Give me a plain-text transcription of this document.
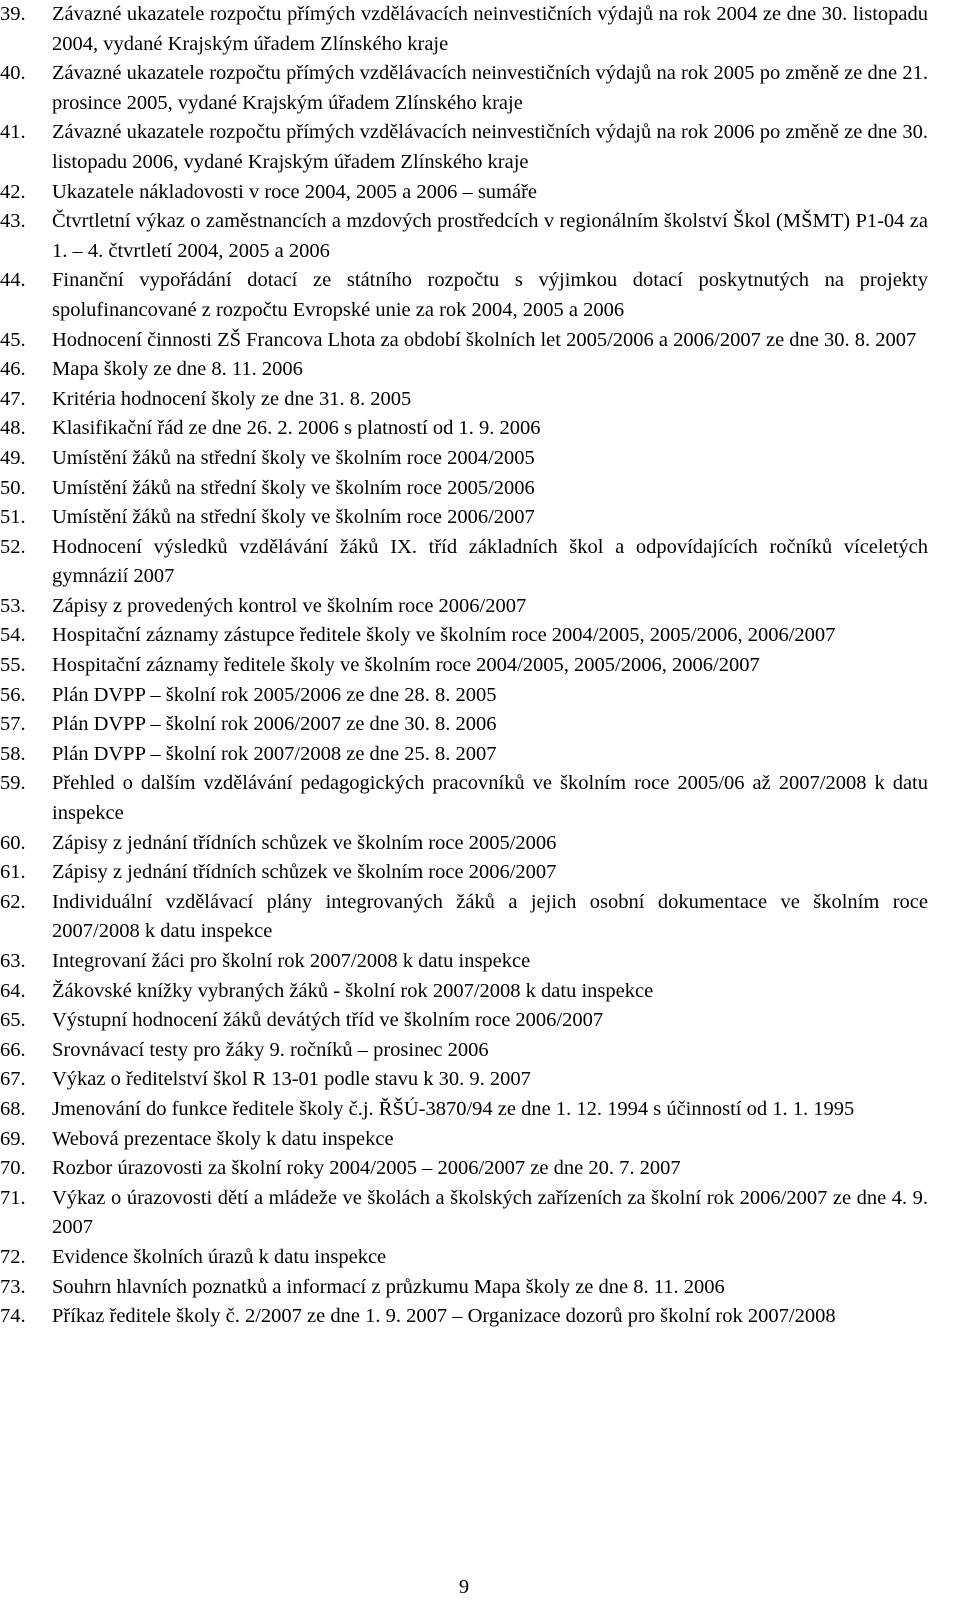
39. Závazné ukazatele rozpočtu přímých vzdělávacích neinvestičních výdajů na rok 2004 ze dne 30. listopadu 2004, vydané Krajským úřadem Zlínského kraje
40. Závazné ukazatele rozpočtu přímých vzdělávacích neinvestičních výdajů na rok 2005 po změně ze dne 21. prosince 2005, vydané Krajským úřadem Zlínského kraje
41. Závazné ukazatele rozpočtu přímých vzdělávacích neinvestičních výdajů na rok 2006 po změně ze dne 30. listopadu 2006, vydané Krajským úřadem Zlínského kraje
42. Ukazatele nákladovosti v roce 2004, 2005 a 2006 – sumáře
43. Čtvrtletní výkaz o zaměstnancích a mzdových prostředcích v regionálním školství Škol (MŠMT) P1-04 za 1. – 4. čtvrtletí 2004, 2005 a 2006
44. Finanční vypořádání dotací ze státního rozpočtu s výjimkou dotací poskytnutých na projekty spolufinancované z rozpočtu Evropské unie za rok 2004, 2005 a 2006
45. Hodnocení činnosti ZŠ Francova Lhota za období školních let 2005/2006 a 2006/2007 ze dne 30. 8. 2007
46. Mapa školy ze dne 8. 11. 2006
47. Kritéria hodnocení školy ze dne 31. 8. 2005
48. Klasifikační řád ze dne 26. 2. 2006 s platností od 1. 9. 2006
49. Umístění žáků na střední školy ve školním roce 2004/2005
50. Umístění žáků na střední školy ve školním roce 2005/2006
51. Umístění žáků na střední školy ve školním roce 2006/2007
52. Hodnocení výsledků vzdělávání žáků IX. tříd základních škol a odpovídajících ročníků víceletých gymnázií 2007
53. Zápisy z provedených kontrol ve školním roce 2006/2007
54. Hospitační záznamy zástupce ředitele školy ve školním roce 2004/2005, 2005/2006, 2006/2007
55. Hospitační záznamy ředitele školy ve školním roce 2004/2005, 2005/2006, 2006/2007
56. Plán DVPP – školní rok 2005/2006 ze dne 28. 8. 2005
57. Plán DVPP – školní rok 2006/2007 ze dne 30. 8. 2006
58. Plán DVPP – školní rok 2007/2008 ze dne 25. 8. 2007
59. Přehled o dalším vzdělávání pedagogických pracovníků ve školním roce 2005/06 až 2007/2008 k datu inspekce
60. Zápisy z jednání třídních schůzek ve školním roce 2005/2006
61. Zápisy z jednání třídních schůzek ve školním roce 2006/2007
62. Individuální vzdělávací plány integrovaných žáků a jejich osobní dokumentace ve školním roce 2007/2008 k datu inspekce
63. Integrovaní žáci pro školní rok 2007/2008 k datu inspekce
64. Žákovské knížky vybraných žáků - školní rok 2007/2008 k datu inspekce
65. Výstupní hodnocení žáků devátých tříd ve školním roce 2006/2007
66. Srovnávací testy pro žáky 9. ročníků – prosinec 2006
67. Výkaz o ředitelství škol R 13-01 podle stavu k 30. 9. 2007
68. Jmenování do funkce ředitele školy č.j. ŘŠÚ-3870/94 ze dne 1. 12. 1994 s účinností od 1. 1. 1995
69. Webová prezentace školy k datu inspekce
70. Rozbor úrazovosti za školní roky 2004/2005 – 2006/2007 ze dne 20. 7. 2007
71. Výkaz o úrazovosti dětí a mládeže ve školách a školských zařízeních za školní rok 2006/2007 ze dne 4. 9. 2007
72. Evidence školních úrazů k datu inspekce
73. Souhrn hlavních poznatků a informací z průzkumu Mapa školy ze dne 8. 11. 2006
74. Příkaz ředitele školy č. 2/2007 ze dne 1. 9. 2007 – Organizace dozorů pro školní rok 2007/2008
9
